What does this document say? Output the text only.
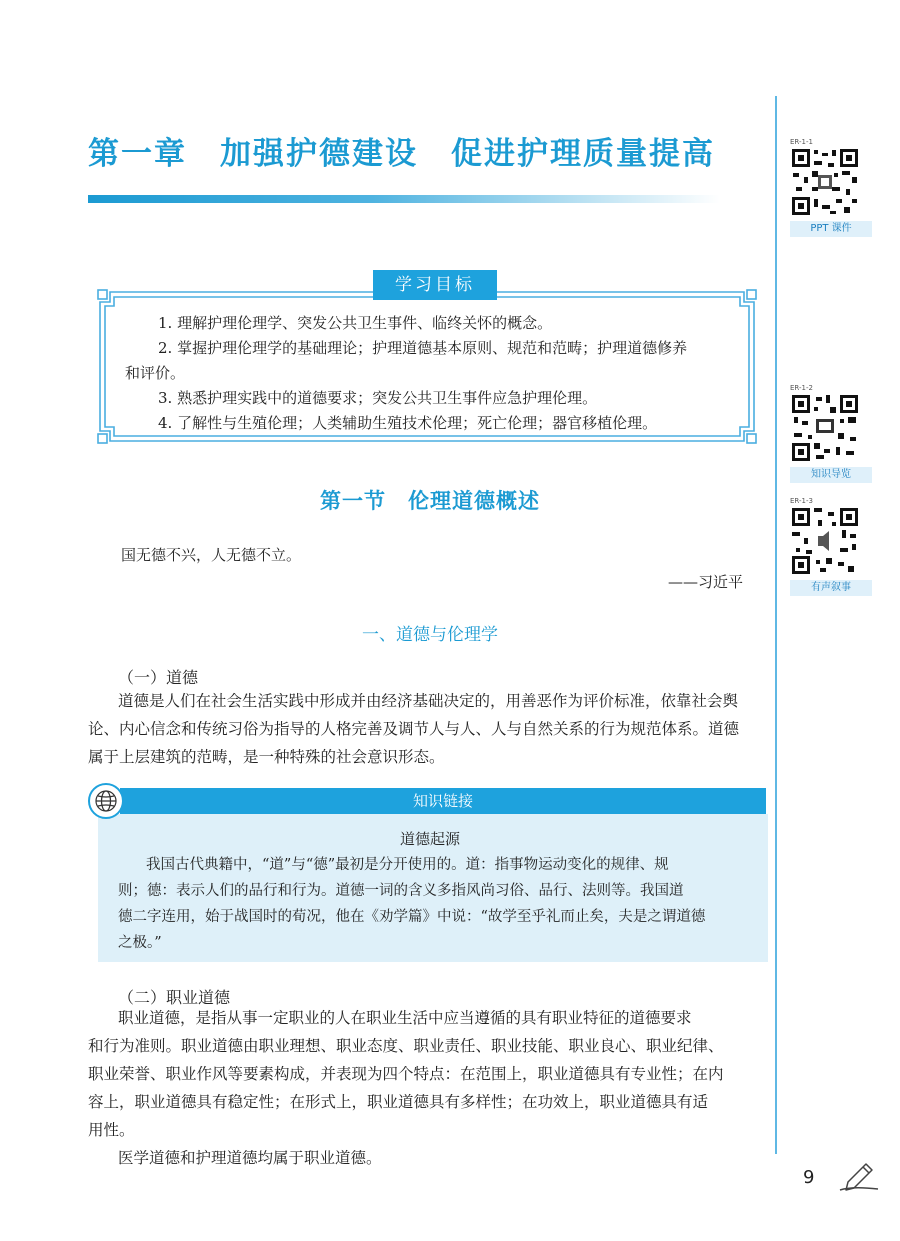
第一章　加强护德建设　促进护理质量提高	ER-1-1
PPT 课件
ER-1-2
知识导览
ER-1-3
有声叙事
学习目标
1. 理解护理伦理学、突发公共卫生事件、临终关怀的概念。
2. 掌握护理伦理学的基础理论；护理道德基本原则、规范和范畴；护理道德修养
和评价。
3. 熟悉护理实践中的道德要求；突发公共卫生事件应急护理伦理。
4. 了解性与生殖伦理；人类辅助生殖技术伦理；死亡伦理；器官移植伦理。
第一节　伦理道德概述
国无德不兴，人无德不立。
——习近平
一、道德与伦理学
（一）道德
道德是人们在社会生活实践中形成并由经济基础决定的，用善恶作为评价标准，依靠社会舆
论、内心信念和传统习俗为指导的人格完善及调节人与人、人与自然关系的行为规范体系。道德
属于上层建筑的范畴，是一种特殊的社会意识形态。
知识链接
道德起源
我国古代典籍中，“道”与“德”最初是分开使用的。道：指事物运动变化的规律、规
则；德：表示人们的品行和行为。道德一词的含义多指风尚习俗、品行、法则等。我国道
德二字连用，始于战国时的荀况，他在《劝学篇》中说：“故学至乎礼而止矣，夫是之谓道德
之极。”
（二）职业道德
职业道德，是指从事一定职业的人在职业生活中应当遵循的具有职业特征的道德要求
和行为准则。职业道德由职业理想、职业态度、职业责任、职业技能、职业良心、职业纪律、
职业荣誉、职业作风等要素构成，并表现为四个特点：在范围上，职业道德具有专业性；在内
容上，职业道德具有稳定性；在形式上，职业道德具有多样性；在功效上，职业道德具有适
用性。
医学道德和护理道德均属于职业道德。
9
